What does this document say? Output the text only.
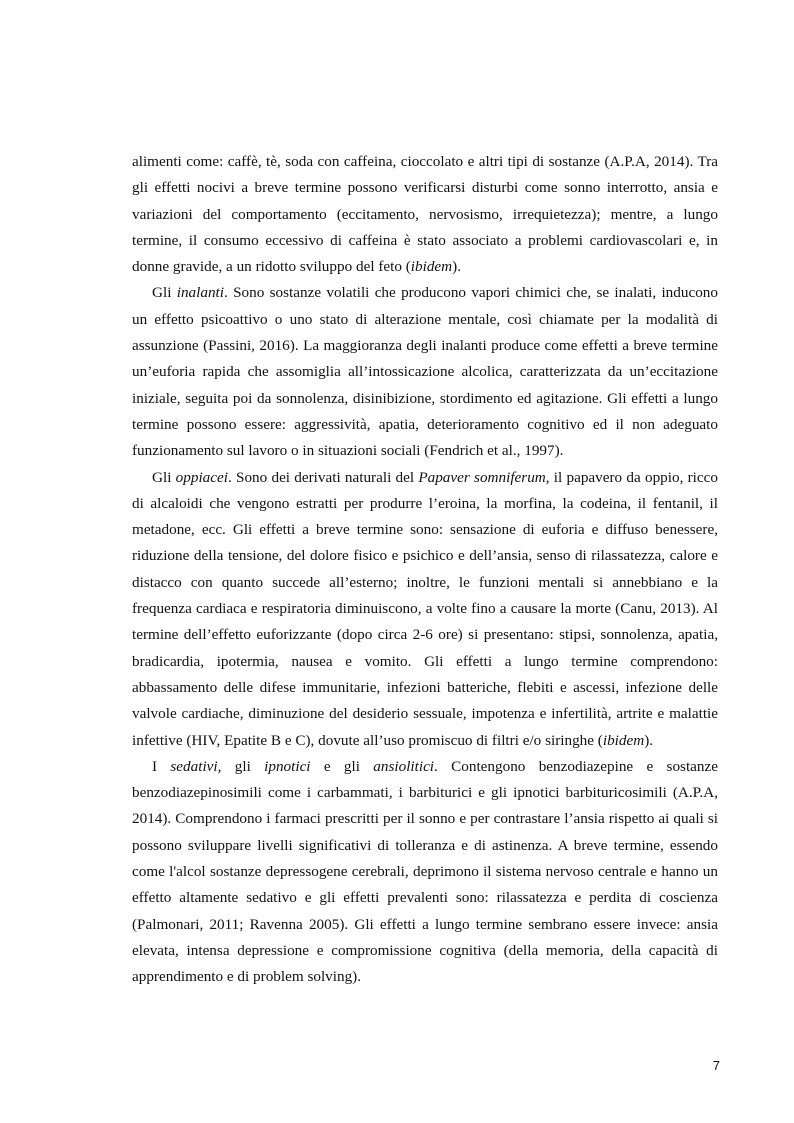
alimenti come: caffè, tè, soda con caffeina, cioccolato e altri tipi di sostanze (A.P.A, 2014). Tra gli effetti nocivi a breve termine possono verificarsi disturbi come sonno interrotto, ansia e variazioni del comportamento (eccitamento, nervosismo, irrequietezza); mentre, a lungo termine, il consumo eccessivo di caffeina è stato associato a problemi cardiovascolari e, in donne gravide, a un ridotto sviluppo del feto (ibidem).

Gli inalanti. Sono sostanze volatili che producono vapori chimici che, se inalati, inducono un effetto psicoattivo o uno stato di alterazione mentale, così chiamate per la modalità di assunzione (Passini, 2016). La maggioranza degli inalanti produce come effetti a breve termine un’euforia rapida che assomiglia all’intossicazione alcolica, caratterizzata da un’eccitazione iniziale, seguita poi da sonnolenza, disinibizione, stordimento ed agitazione. Gli effetti a lungo termine possono essere: aggressività, apatia, deterioramento cognitivo ed il non adeguato funzionamento sul lavoro o in situazioni sociali (Fendrich et al., 1997).

Gli oppiacei. Sono dei derivati naturali del Papaver somniferum, il papavero da oppio, ricco di alcaloidi che vengono estratti per produrre l’eroina, la morfina, la codeina, il fentanil, il metadone, ecc. Gli effetti a breve termine sono: sensazione di euforia e diffuso benessere, riduzione della tensione, del dolore fisico e psichico e dell’ansia, senso di rilassatezza, calore e distacco con quanto succede all’esterno; inoltre, le funzioni mentali si annebbiano e la frequenza cardiaca e respiratoria diminuiscono, a volte fino a causare la morte (Canu, 2013). Al termine dell’effetto euforizzante (dopo circa 2-6 ore) si presentano: stipsi, sonnolenza, apatia, bradicardia, ipotermia, nausea e vomito. Gli effetti a lungo termine comprendono: abbassamento delle difese immunitarie, infezioni batteriche, flebiti e ascessi, infezione delle valvole cardiache, diminuzione del desiderio sessuale, impotenza e infertilità, artrite e malattie infettive (HIV, Epatite B e C), dovute all’uso promiscuo di filtri e/o siringhe (ibidem).

I sedativi, gli ipnotici e gli ansiolitici. Contengono benzodiazepine e sostanze benzodiazepinosimili come i carbammati, i barbiturici e gli ipnotici barbituricosimili (A.P.A, 2014). Comprendono i farmaci prescritti per il sonno e per contrastare l’ansia rispetto ai quali si possono sviluppare livelli significativi di tolleranza e di astinenza. A breve termine, essendo come l'alcol sostanze depressogene cerebrali, deprimono il sistema nervoso centrale e hanno un effetto altamente sedativo e gli effetti prevalenti sono: rilassatezza e perdita di coscienza (Palmonari, 2011; Ravenna 2005). Gli effetti a lungo termine sembrano essere invece: ansia elevata, intensa depressione e compromissione cognitiva (della memoria, della capacità di apprendimento e di problem solving).

7
